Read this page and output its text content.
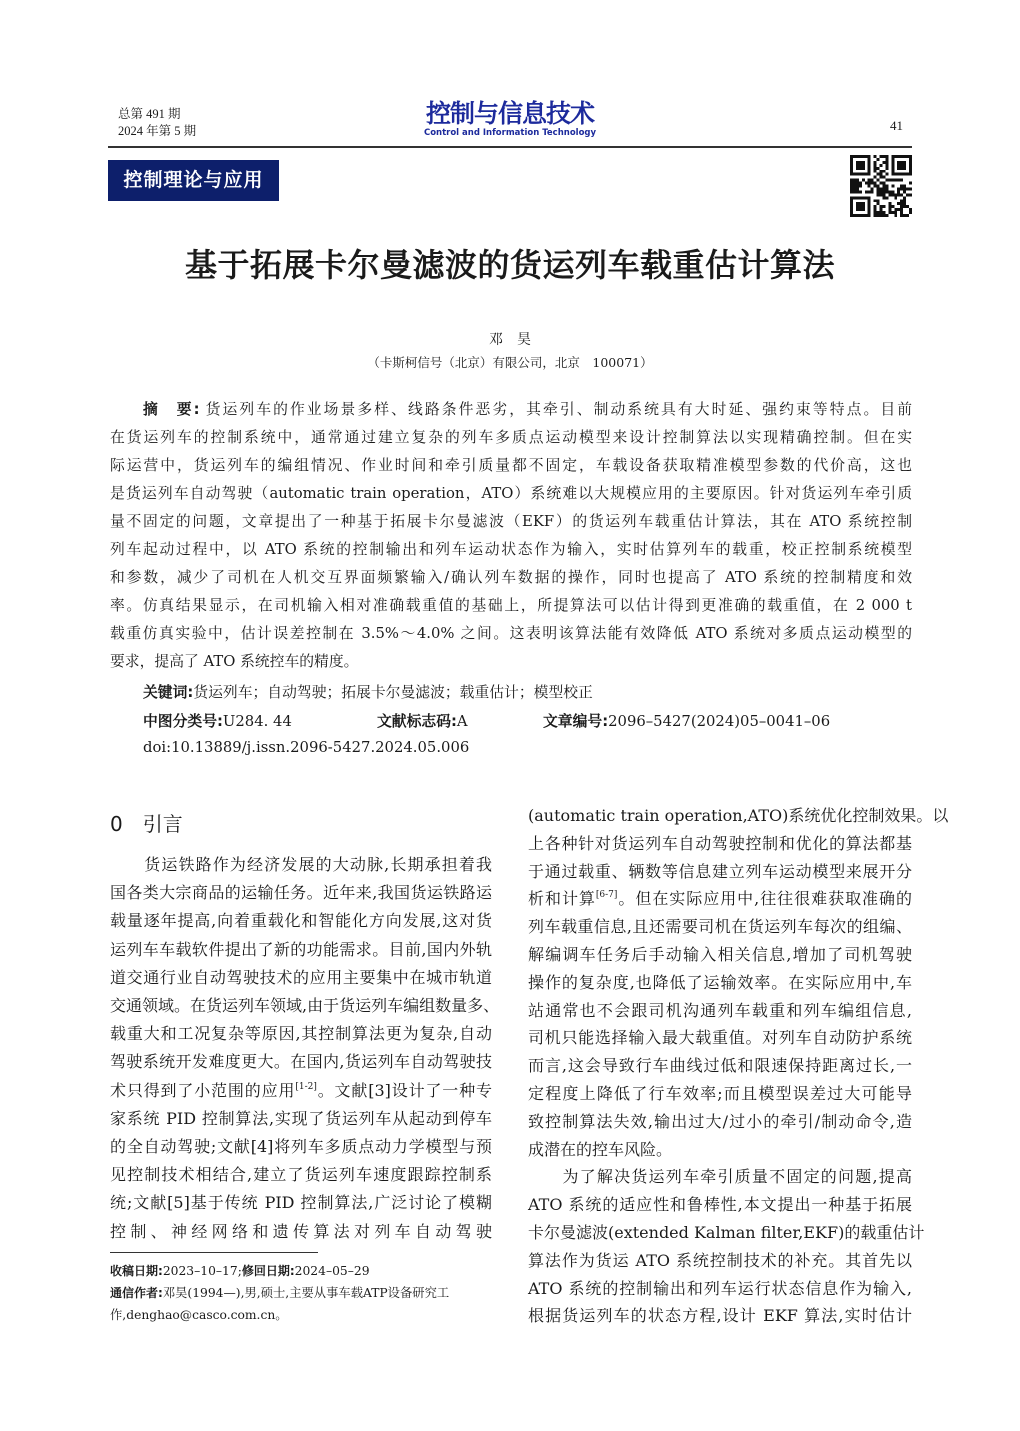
总第 491 期
2024 年第 5 期
控制与信息技术
Control and Information Technology	41
控制理论与应用
基于拓展卡尔曼滤波的货运列车载重估计算法
邓　昊
（卡斯柯信号（北京）有限公司，北京　100071）
摘　要: 货运列车的作业场景多样、线路条件恶劣，其牵引、制动系统具有大时延、强约束等特点。目前
在货运列车的控制系统中，通常通过建立复杂的列车多质点运动模型来设计控制算法以实现精确控制。但在实
际运营中，货运列车的编组情况、作业时间和牵引质量都不固定，车载设备获取精准模型参数的代价高，这也
是货运列车自动驾驶（automatic train operation，ATO）系统难以大规模应用的主要原因。针对货运列车牵引质
量不固定的问题，文章提出了一种基于拓展卡尔曼滤波（EKF）的货运列车载重估计算法，其在 ATO 系统控制
列车起动过程中，以 ATO 系统的控制输出和列车运动状态作为输入，实时估算列车的载重，校正控制系统模型
和参数，减少了司机在人机交互界面频繁输入/确认列车数据的操作，同时也提高了 ATO 系统的控制精度和效
率。仿真结果显示，在司机输入相对准确载重值的基础上，所提算法可以估计得到更准确的载重值，在 2 000 t
载重仿真实验中，估计误差控制在 3.5%～4.0% 之间。这表明该算法能有效降低 ATO 系统对多质点运动模型的
要求，提高了 ATO 系统控车的精度。
关键词:货运列车；自动驾驶；拓展卡尔曼滤波；载重估计；模型校正
中图分类号:U284. 44	文献标志码:A	文章编号:2096–5427(2024)05–0041–06
doi:10.13889/j.issn.2096-5427.2024.05.006
0　引言
　　货运铁路作为经济发展的大动脉,长期承担着我
国各类大宗商品的运输任务。近年来,我国货运铁路运
载量逐年提高,向着重载化和智能化方向发展,这对货
运列车车载软件提出了新的功能需求。目前,国内外轨
道交通行业自动驾驶技术的应用主要集中在城市轨道
交通领域。在货运列车领域,由于货运列车编组数量多、
载重大和工况复杂等原因,其控制算法更为复杂,自动
驾驶系统开发难度更大。在国内,货运列车自动驾驶技
术只得到了小范围的应用[1-2]。文献[3]设计了一种专
家系统 PID 控制算法,实现了货运列车从起动到停车
的全自动驾驶;文献[4]将列车多质点动力学模型与预
见控制技术相结合,建立了货运列车速度跟踪控制系
统;文献[5]基于传统 PID 控制算法,广泛讨论了模糊
控制、神经网络和遗传算法对列车自动驾驶
(automatic train operation,ATO)系统优化控制效果。以
上各种针对货运列车自动驾驶控制和优化的算法都基
于通过载重、辆数等信息建立列车运动模型来展开分
析和计算[6-7]。但在实际应用中,往往很难获取准确的
列车载重信息,且还需要司机在货运列车每次的组编、
解编调车任务后手动输入相关信息,增加了司机驾驶
操作的复杂度,也降低了运输效率。在实际应用中,车
站通常也不会跟司机沟通列车载重和列车编组信息,
司机只能选择输入最大载重值。对列车自动防护系统
而言,这会导致行车曲线过低和限速保持距离过长,一
定程度上降低了行车效率;而且模型误差过大可能导
致控制算法失效,输出过大/过小的牵引/制动命令,造
成潜在的控车风险。
　　为了解决货运列车牵引质量不固定的问题,提高
ATO 系统的适应性和鲁棒性,本文提出一种基于拓展
卡尔曼滤波(extended Kalman filter,EKF)的载重估计
算法作为货运 ATO 系统控制技术的补充。其首先以
ATO 系统的控制输出和列车运行状态信息作为输入,
根据货运列车的状态方程,设计 EKF 算法,实时估计
收稿日期:2023–10–17;修回日期:2024–05–29
通信作者:邓昊(1994—),男,硕士,主要从事车载ATP设备研究工
作,denghao@casco.com.cn。
